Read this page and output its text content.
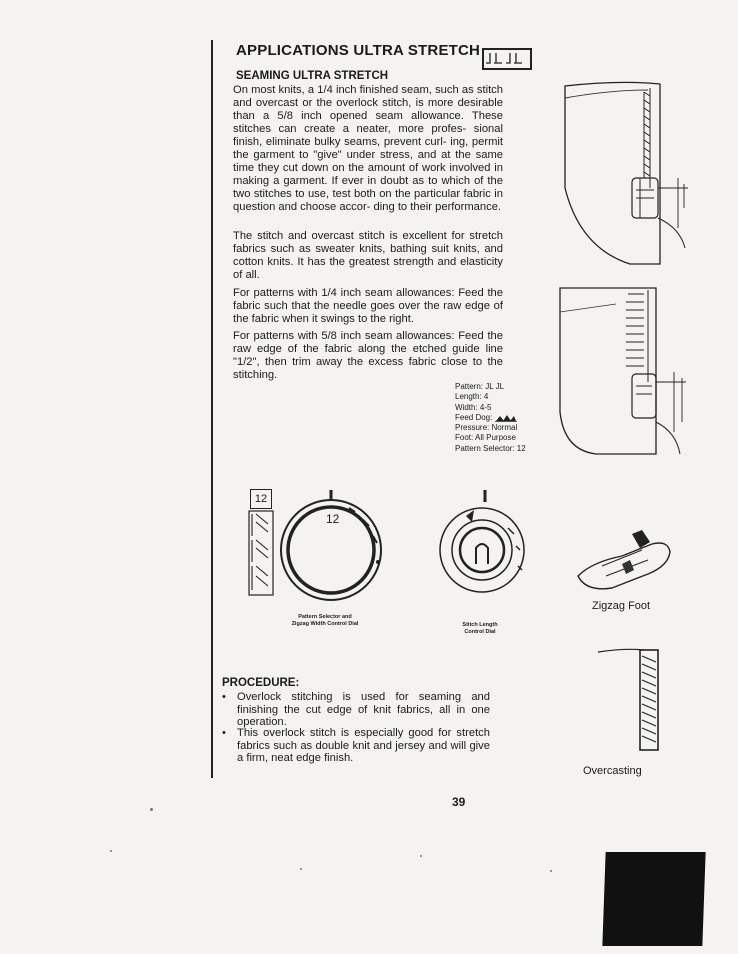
APPLICATIONS ULTRA STRETCH
SEAMING ULTRA STRETCH
On most knits, a 1/4 inch finished seam, such as stitch and overcast or the overlock stitch, is more desirable than a 5/8 inch opened seam allowance. These stitches can create a neater, more profes- sional finish, eliminate bulky seams, prevent curl- ing, permit the garment to "give" under stress, and at the same time they cut down on the amount of work involved in making a garment. If ever in doubt as to which of the two stitches to use, test both on the particular fabric in question and choose accor- ding to their performance.
The stitch and overcast stitch is excellent for stretch fabrics such as sweater knits, bathing suit knits, and cotton knits. It has the greatest strength and elasticity of all.
For patterns with 1/4 inch seam allowances: Feed the fabric such that the needle goes over the raw edge of the fabric when it swings to the right.
For patterns with 5/8 inch seam allowances: Feed the raw edge of the fabric along the etched guide line "1/2", then trim away the excess fabric close to the stitching.
Pattern: JL JL
Length: 4
Width: 4-5
Feed Dog:
Pressure: Normal
Foot: All Purpose
Pattern Selector: 12
12
12
Pattern Selector and
Zigzag Width Control Dial	Stitch Length
Control Dial
Zigzag Foot
Overcasting
PROCEDURE:
• Overlock stitching is used for seaming and finishing the cut edge of knit fabrics, all in one operation.
• This overlock stitch is especially good for stretch fabrics such as double knit and jersey and will give a firm, neat edge finish.
39
